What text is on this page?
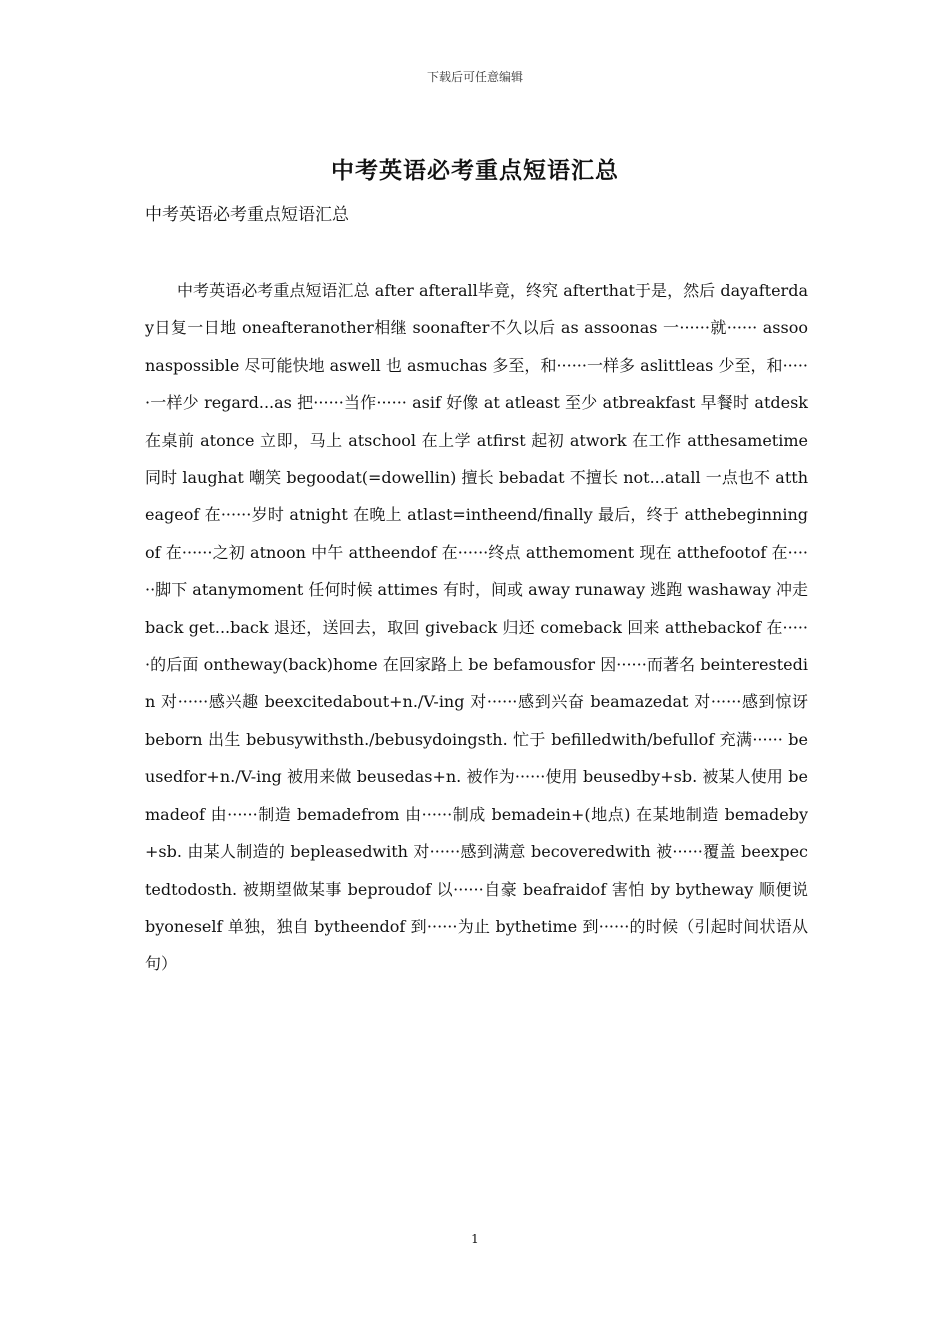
下载后可任意编辑
中考英语必考重点短语汇总
中考英语必考重点短语汇总
中考英语必考重点短语汇总 after afterall毕竟，终究 afterthat于是，然后 dayafterday日复一日地 oneafteranother相继 soonafter不久以后 as assoonas 一······就······ assoonaspossible 尽可能快地 aswell 也 asmuchas 多至，和······一样多 aslittleas 少至，和······一样少 regard...as 把······当作······ asif 好像 at atleast 至少 atbreakfast 早餐时 atdesk 在桌前 atonce 立即，马上 atschool 在上学 atfirst 起初 atwork 在工作 atthesametime 同时 laughat 嘲笑 begoodat(=dowellin) 擅长 bebadat 不擅长 not...atall 一点也不 attheageof 在······岁时 atnight 在晚上 atlast=intheend/finally 最后，终于 atthebeginningof 在······之初 atnoon 中午 attheendof 在······终点 atthemoment 现在 atthefootof 在······脚下 atanymoment 任何时候 attimes 有时，间或 away runaway 逃跑 washaway 冲走 back get...back 退还，送回去，取回 giveback 归还 comeback 回来 atthebackof 在······的后面 ontheway(back)home 在回家路上 be befamousfor 因······而著名 beinterestedin 对······感兴趣 beexcitedabout+n./V-ing 对······感到兴奋 beamazedat 对······感到惊讶 beborn 出生 bebusywithsth./bebusydoingsth. 忙于 befilledwith/befullof 充满······ beusedfor+n./V-ing 被用来做 beusedas+n. 被作为······使用 beusedby+sb. 被某人使用 bemadeof 由······制造 bemadefrom 由······制成 bemadein+(地点) 在某地制造 bemadeby+sb. 由某人制造的 bepleasedwith 对······感到满意 becoveredwith 被······覆盖 beexpectedtodosth. 被期望做某事 beproudof 以······自豪 beafraidof 害怕 by bytheway 顺便说 byoneself 单独，独自 bytheendof 到······为止 bythetime 到······的时候（引起时间状语从句）
1
